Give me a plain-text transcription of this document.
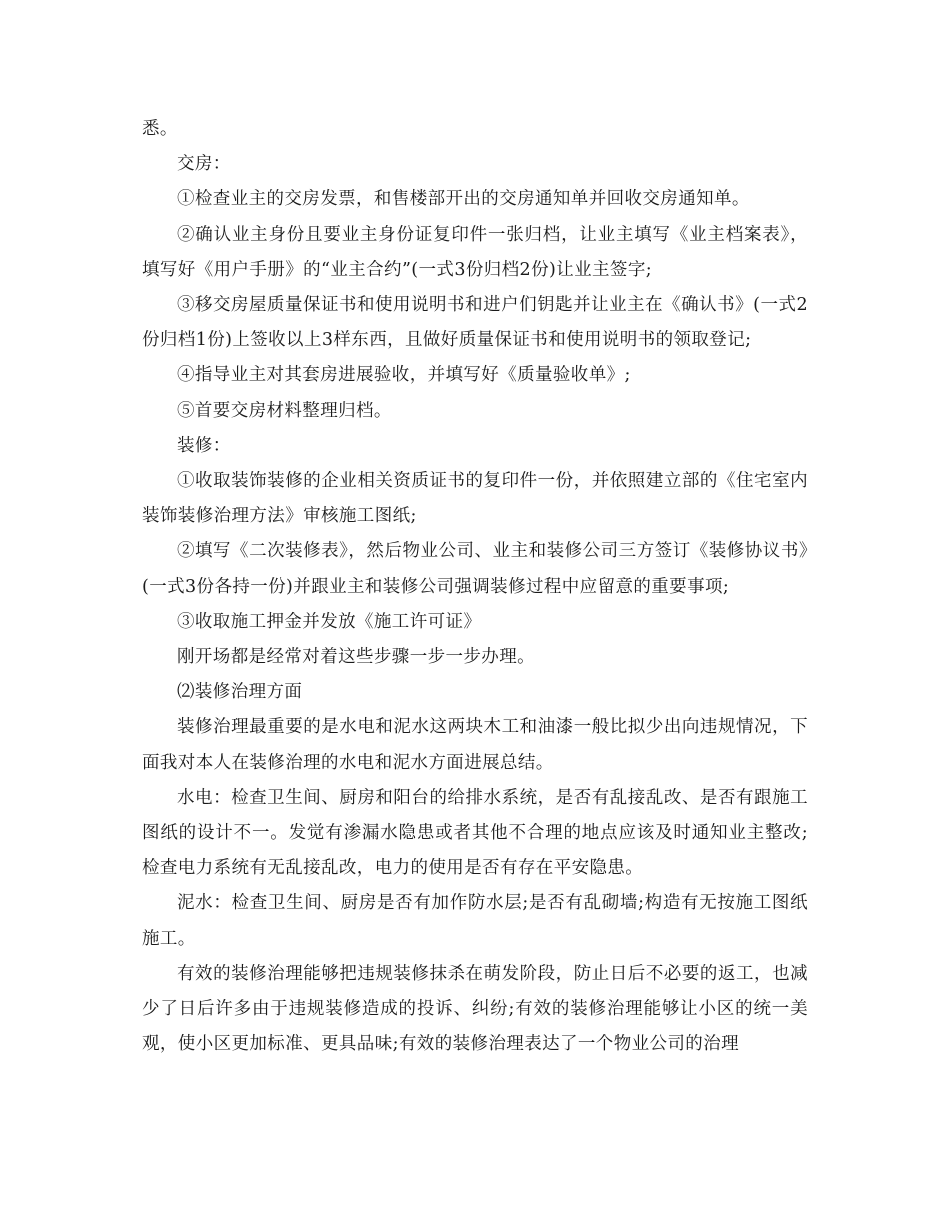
悉。

交房：

①检查业主的交房发票，和售楼部开出的交房通知单并回收交房通知单。

②确认业主身份且要业主身份证复印件一张归档，让业主填写《业主档案表》，填写好《用户手册》的“业主合约”(一式3份归档2份)让业主签字;

③移交房屋质量保证书和使用说明书和进户们钥匙并让业主在《确认书》(一式2份归档1份)上签收以上3样东西，且做好质量保证书和使用说明书的领取登记;

④指导业主对其套房进展验收，并填写好《质量验收单》;

⑤首要交房材料整理归档。

装修：

①收取装饰装修的企业相关资质证书的复印件一份，并依照建立部的《住宅室内装饰装修治理方法》审核施工图纸;

②填写《二次装修表》，然后物业公司、业主和装修公司三方签订《装修协议书》(一式3份各持一份)并跟业主和装修公司强调装修过程中应留意的重要事项;

③收取施工押金并发放《施工许可证》

刚开场都是经常对着这些步骤一步一步办理。

⑵装修治理方面

装修治理最重要的是水电和泥水这两块木工和油漆一般比拟少出向违规情况，下面我对本人在装修治理的水电和泥水方面进展总结。

水电：检查卫生间、厨房和阳台的给排水系统，是否有乱接乱改、是否有跟施工图纸的设计不一。发觉有渗漏水隐患或者其他不合理的地点应该及时通知业主整改;检查电力系统有无乱接乱改，电力的使用是否有存在平安隐患。

泥水：检查卫生间、厨房是否有加作防水层;是否有乱砌墙;构造有无按施工图纸施工。

有效的装修治理能够把违规装修抹杀在萌发阶段，防止日后不必要的返工，也减少了日后许多由于违规装修造成的投诉、纠纷;有效的装修治理能够让小区的统一美观，使小区更加标准、更具品味;有效的装修治理表达了一个物业公司的治理
